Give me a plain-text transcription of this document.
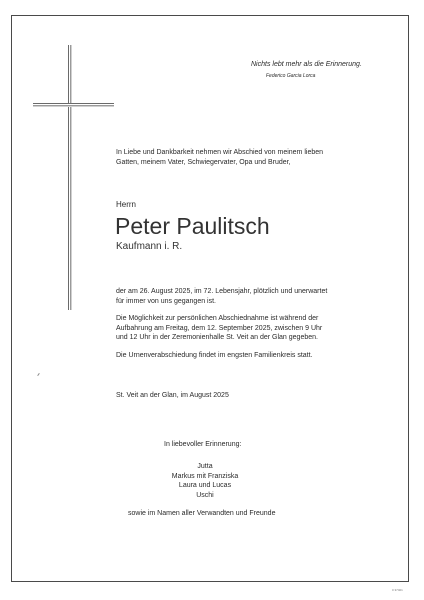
Nichts lebt mehr als die Erinnerung.
Federico Garcia Lorca
In Liebe und Dankbarkeit nehmen wir Abschied von meinem lieben
Gatten, meinem Vater, Schwiegervater, Opa und Bruder,
Herrn
Peter Paulitsch
Kaufmann i. R.
der am 26. August 2025, im 72. Lebensjahr, plötzlich und unerwartet
für immer von uns gegangen ist.
Die Möglichkeit zur persönlichen Abschiednahme ist während der
Aufbahrung am Freitag, dem 12. September 2025, zwischen 9 Uhr
und 12 Uhr in der Zeremonienhalle St. Veit an der Glan gegeben.
Die Urnenverabschiedung findet im engsten Familienkreis statt.
St. Veit an der Glan, im August 2025
In liebevoller Erinnerung:
Jutta
Markus mit Franziska
Laura und Lucas
Uschi
sowie im Namen aller Verwandten und Freunde
0 37401
